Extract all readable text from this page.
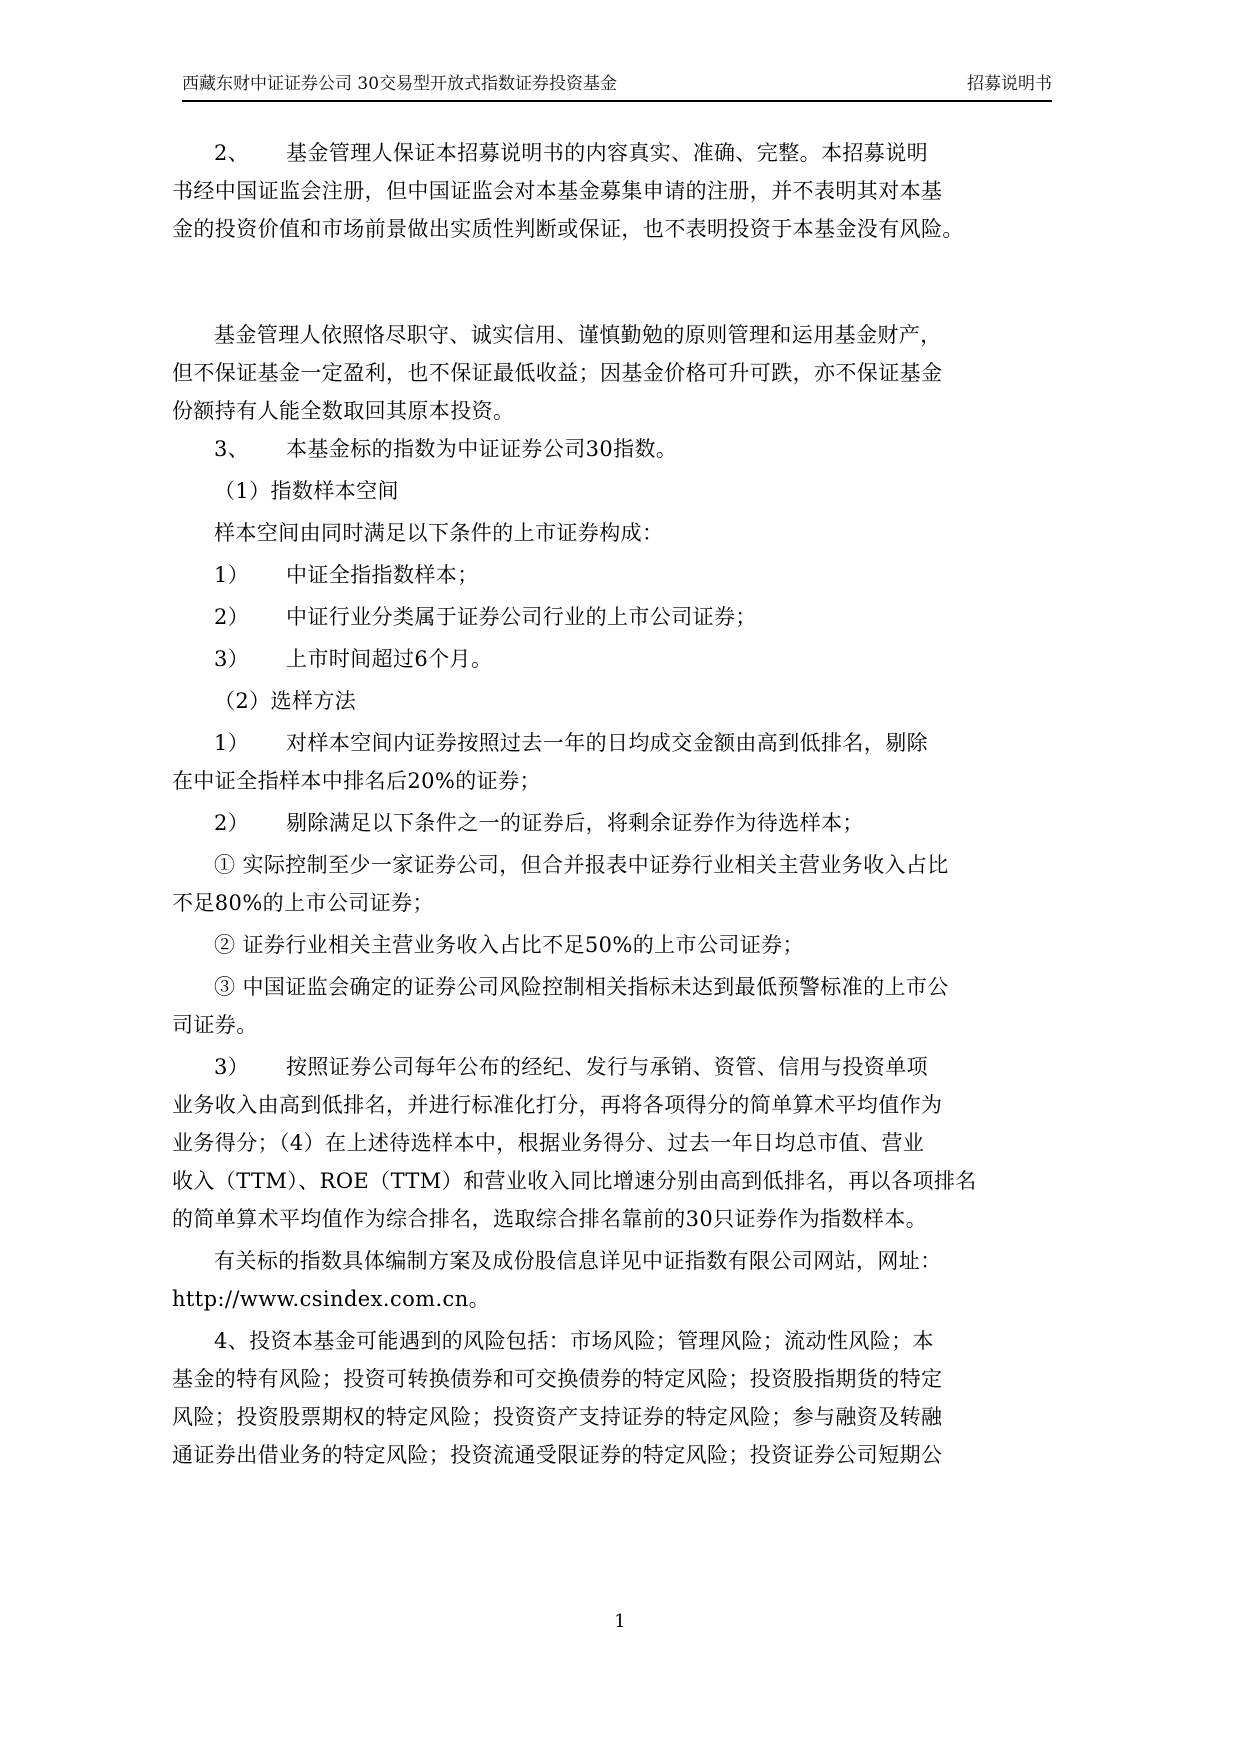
西藏东财中证证券公司 30交易型开放式指数证券投资基金	招募说明书
2、 基金管理人保证本招募说明书的内容真实、准确、完整。本招募说明
书经中国证监会注册，但中国证监会对本基金募集申请的注册，并不表明其对本基
金的投资价值和市场前景做出实质性判断或保证，也不表明投资于本基金没有风险。
基金管理人依照恪尽职守、诚实信用、谨慎勤勉的原则管理和运用基金财产，
但不保证基金一定盈利，也不保证最低收益；因基金价格可升可跌，亦不保证基金
份额持有人能全数取回其原本投资。
3、 本基金标的指数为中证证券公司30指数。
（1）指数样本空间
样本空间由同时满足以下条件的上市证券构成：
1） 中证全指指数样本；
2） 中证行业分类属于证券公司行业的上市公司证券；
3） 上市时间超过6个月。
（2）选样方法
1） 对样本空间内证券按照过去一年的日均成交金额由高到低排名，剔除
在中证全指样本中排名后20%的证券；
2） 剔除满足以下条件之一的证券后，将剩余证券作为待选样本；
① 实际控制至少一家证券公司，但合并报表中证券行业相关主营业务收入占比
不足80%的上市公司证券；
② 证券行业相关主营业务收入占比不足50%的上市公司证券；
③ 中国证监会确定的证券公司风险控制相关指标未达到最低预警标准的上市公
司证券。
3） 按照证券公司每年公布的经纪、发行与承销、资管、信用与投资单项
业务收入由高到低排名，并进行标准化打分，再将各项得分的简单算术平均值作为
业务得分；（4）在上述待选样本中，根据业务得分、过去一年日均总市值、营业
收入（TTM）、ROE（TTM）和营业收入同比增速分别由高到低排名，再以各项排名
的简单算术平均值作为综合排名，选取综合排名靠前的30只证券作为指数样本。
有关标的指数具体编制方案及成份股信息详见中证指数有限公司网站，网址：
http://www.csindex.com.cn。
4、投资本基金可能遇到的风险包括：市场风险；管理风险；流动性风险；本
基金的特有风险；投资可转换债券和可交换债券的特定风险；投资股指期货的特定
风险；投资股票期权的特定风险；投资资产支持证券的特定风险；参与融资及转融
通证券出借业务的特定风险；投资流通受限证券的特定风险；投资证券公司短期公
1
